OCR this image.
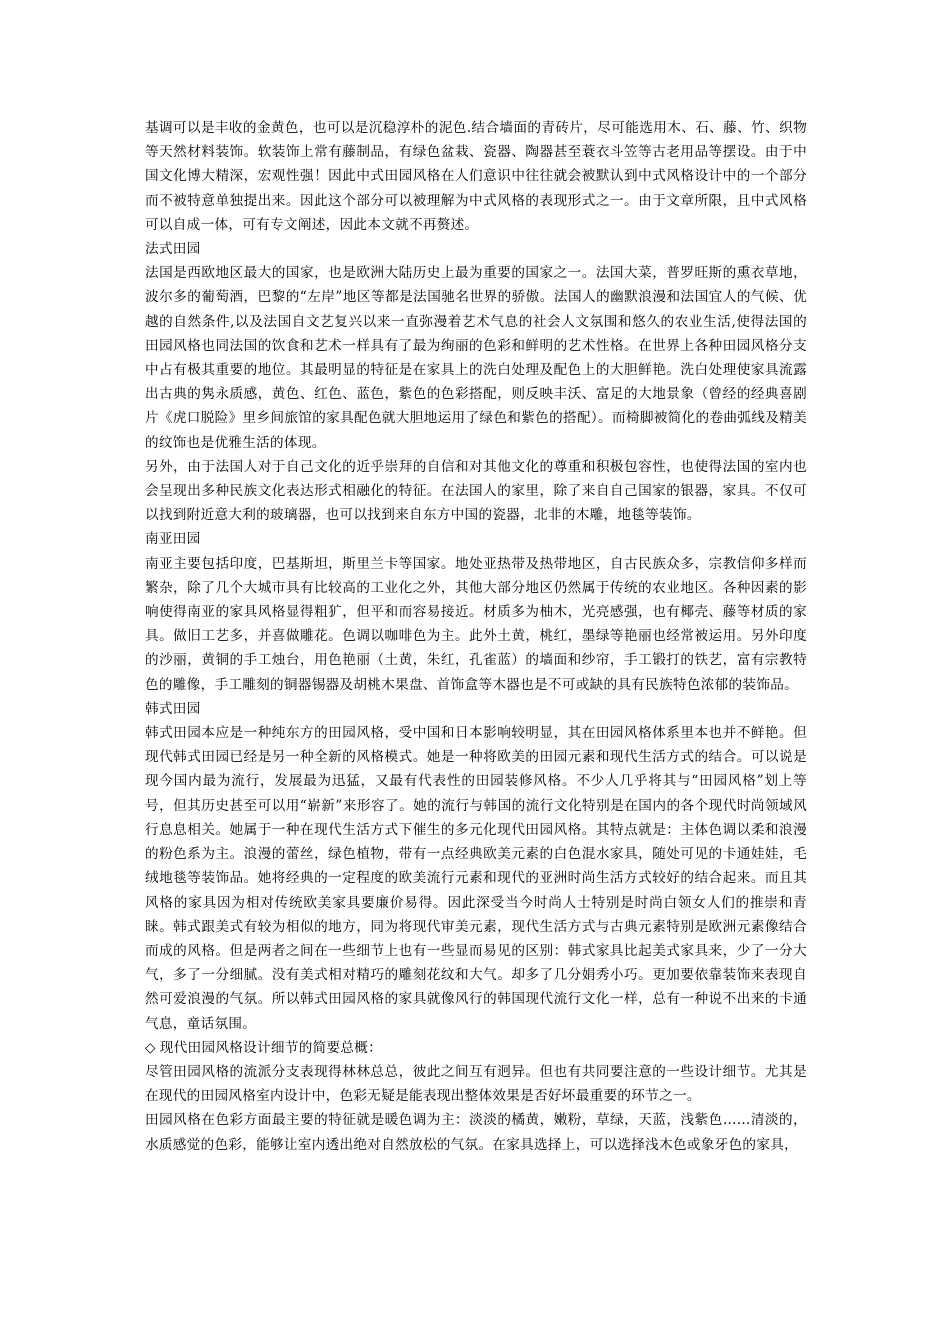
基调可以是丰收的金黄色，也可以是沉稳淳朴的泥色.结合墙面的青砖片，尽可能选用木、石、藤、竹、织物等天然材料装饰。软装饰上常有藤制品，有绿色盆栽、瓷器、陶器甚至蓑衣斗笠等古老用品等摆设。由于中国文化博大精深，宏观性强！因此中式田园风格在人们意识中往往就会被默认到中式风格设计中的一个部分而不被特意单独提出来。因此这个部分可以被理解为中式风格的表现形式之一。由于文章所限，且中式风格可以自成一体，可有专文阐述，因此本文就不再赘述。

法式田园

法国是西欧地区最大的国家，也是欧洲大陆历史上最为重要的国家之一。法国大菜，普罗旺斯的熏衣草地，波尔多的葡萄酒，巴黎的“左岸”地区等都是法国驰名世界的骄傲。法国人的幽默浪漫和法国宜人的气候、优越的自然条件,以及法国自文艺复兴以来一直弥漫着艺术气息的社会人文氛围和悠久的农业生活,使得法国的田园风格也同法国的饮食和艺术一样具有了最为绚丽的色彩和鲜明的艺术性格。在世界上各种田园风格分支中占有极其重要的地位。其最明显的特征是在家具上的洗白处理及配色上的大胆鲜艳。洗白处理使家具流露出古典的隽永质感，黄色、红色、蓝色，紫色的色彩搭配，则反映丰沃、富足的大地景象（曾经的经典喜剧片《虎口脱险》里乡间旅馆的家具配色就大胆地运用了绿色和紫色的搭配）。而椅脚被简化的卷曲弧线及精美的纹饰也是优雅生活的体现。

另外，由于法国人对于自己文化的近乎崇拜的自信和对其他文化的尊重和积极包容性，也使得法国的室内也会呈现出多种民族文化表达形式相融化的特征。在法国人的家里，除了来自自己国家的银器，家具。不仅可以找到附近意大利的玻璃器，也可以找到来自东方中国的瓷器，北非的木雕，地毯等装饰。

南亚田园

南亚主要包括印度，巴基斯坦，斯里兰卡等国家。地处亚热带及热带地区，自古民族众多，宗教信仰多样而繁杂，除了几个大城市具有比较高的工业化之外，其他大部分地区仍然属于传统的农业地区。各种因素的影响使得南亚的家具风格显得粗犷，但平和而容易接近。材质多为柚木，光亮感强，也有椰壳、藤等材质的家具。做旧工艺多，并喜做雕花。色调以咖啡色为主。此外土黄，桃红，墨绿等艳丽也经常被运用。另外印度的沙丽，黄铜的手工烛台，用色艳丽（土黄，朱红，孔雀蓝）的墙面和纱帘，手工锻打的铁艺，富有宗教特色的雕像，手工雕刻的铜器锡器及胡桃木果盘、首饰盒等木器也是不可或缺的具有民族特色浓郁的装饰品。

韩式田园

韩式田园本应是一种纯东方的田园风格，受中国和日本影响较明显，其在田园风格体系里本也并不鲜艳。但现代韩式田园已经是另一种全新的风格模式。她是一种将欧美的田园元素和现代生活方式的结合。可以说是现今国内最为流行，发展最为迅猛，又最有代表性的田园装修风格。不少人几乎将其与“田园风格”划上等号，但其历史甚至可以用“崭新”来形容了。她的流行与韩国的流行文化特别是在国内的各个现代时尚领域风行息息相关。她属于一种在现代生活方式下催生的多元化现代田园风格。其特点就是：主体色调以柔和浪漫的粉色系为主。浪漫的蕾丝，绿色植物，带有一点经典欧美元素的白色混水家具，随处可见的卡通娃娃，毛绒地毯等装饰品。她将经典的一定程度的欧美流行元素和现代的亚洲时尚生活方式较好的结合起来。而且其风格的家具因为相对传统欧美家具要廉价易得。因此深受当今时尚人士特别是时尚白领女人们的推崇和青睐。韩式跟美式有较为相似的地方，同为将现代审美元素，现代生活方式与古典元素特别是欧洲元素像结合而成的风格。但是两者之间在一些细节上也有一些显而易见的区别：韩式家具比起美式家具来，少了一分大气，多了一分细腻。没有美式相对精巧的雕刻花纹和大气。却多了几分娟秀小巧。更加要依靠装饰来表现自然可爱浪漫的气氛。所以韩式田园风格的家具就像风行的韩国现代流行文化一样，总有一种说不出来的卡通气息，童话氛围。

◇ 现代田园风格设计细节的简要总概：

尽管田园风格的流派分支表现得林林总总，彼此之间互有迥异。但也有共同要注意的一些设计细节。尤其是在现代的田园风格室内设计中，色彩无疑是能表现出整体效果是否好坏最重要的环节之一。

田园风格在色彩方面最主要的特征就是暖色调为主：淡淡的橘黄，嫩粉，草绿，天蓝，浅紫色……清淡的，水质感觉的色彩，能够让室内透出绝对自然放松的气氛。在家具选择上，可以选择浅木色或象牙色的家具，
